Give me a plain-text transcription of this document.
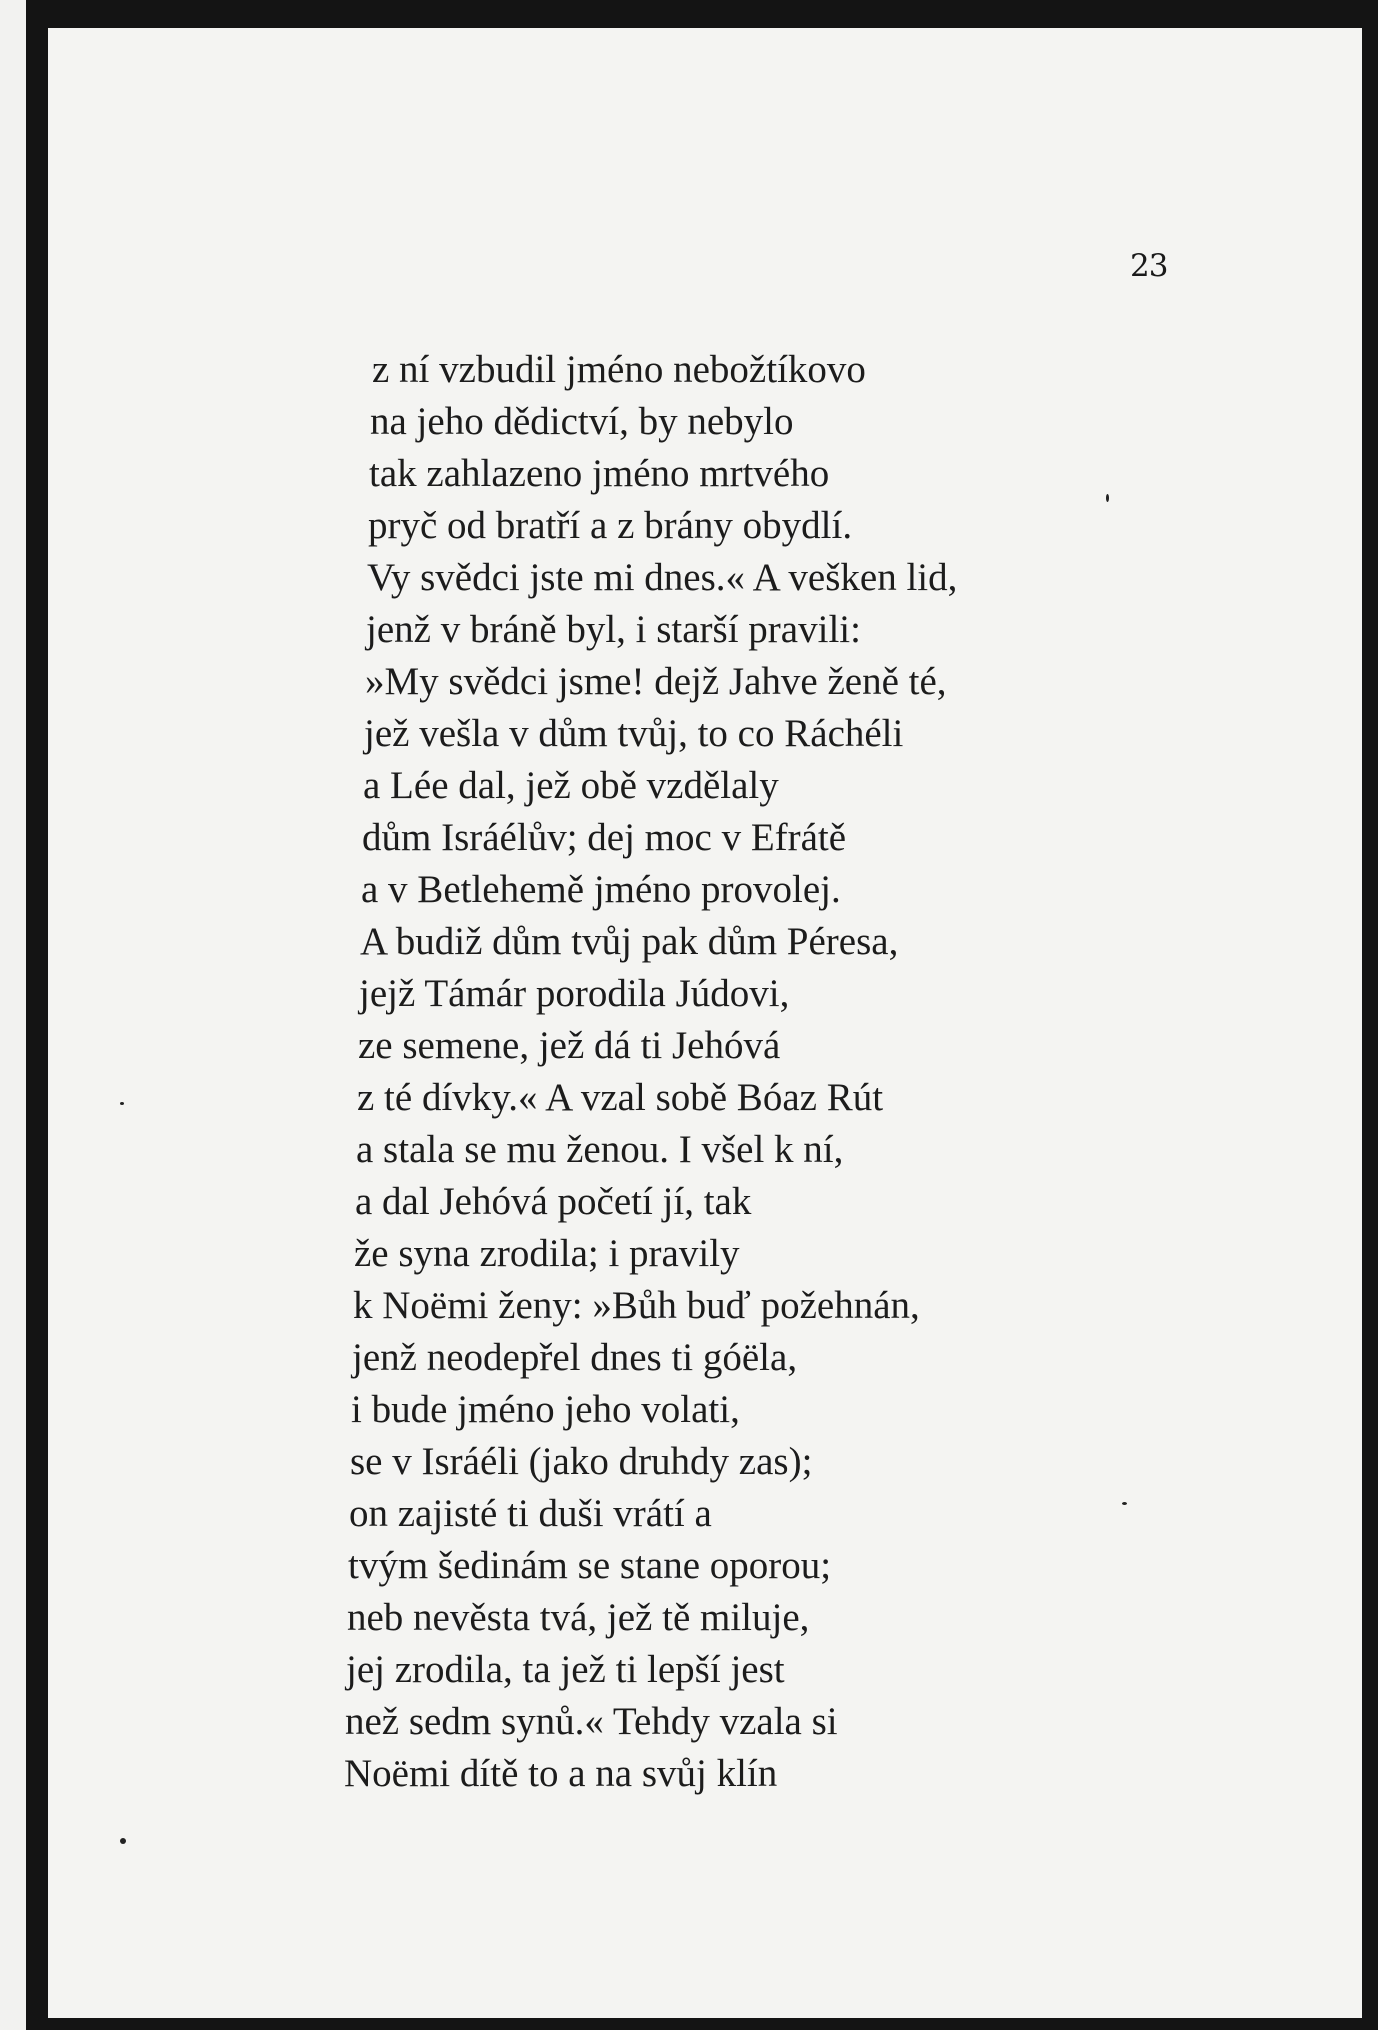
23
z ní vzbudil jméno nebožtíkovo
na jeho dědictví, by nebylo
tak zahlazeno jméno mrtvého
pryč od bratří a z brány obydlí.
Vy svědci jste mi dnes.« A vešken lid,
jenž v bráně byl, i starší pravili:
»My svědci jsme! dejž Jahve ženě té,
jež vešla v dům tvůj, to co Ráchéli
a Lée dal, jež obě vzdělaly
dům Isráélův; dej moc v Efrátě
a v Betlehemě jméno provolej.
A budiž dům tvůj pak dům Péresa,
jejž Támár porodila Júdovi,
ze semene, jež dá ti Jehóvá
z té dívky.« A vzal sobě Bóaz Rút
a stala se mu ženou. I všel k ní,
a dal Jehóvá početí jí, tak
že syna zrodila; i pravily
k Noëmi ženy: »Bůh buď požehnán,
jenž neodepřel dnes ti góëla,
i bude jméno jeho volati,
se v Isráéli (jako druhdy zas);
on zajisté ti duši vrátí a
tvým šedinám se stane oporou;
neb nevěsta tvá, jež tě miluje,
jej zrodila, ta jež ti lepší jest
než sedm synů.« Tehdy vzala si
Noëmi dítě to a na svůj klín
